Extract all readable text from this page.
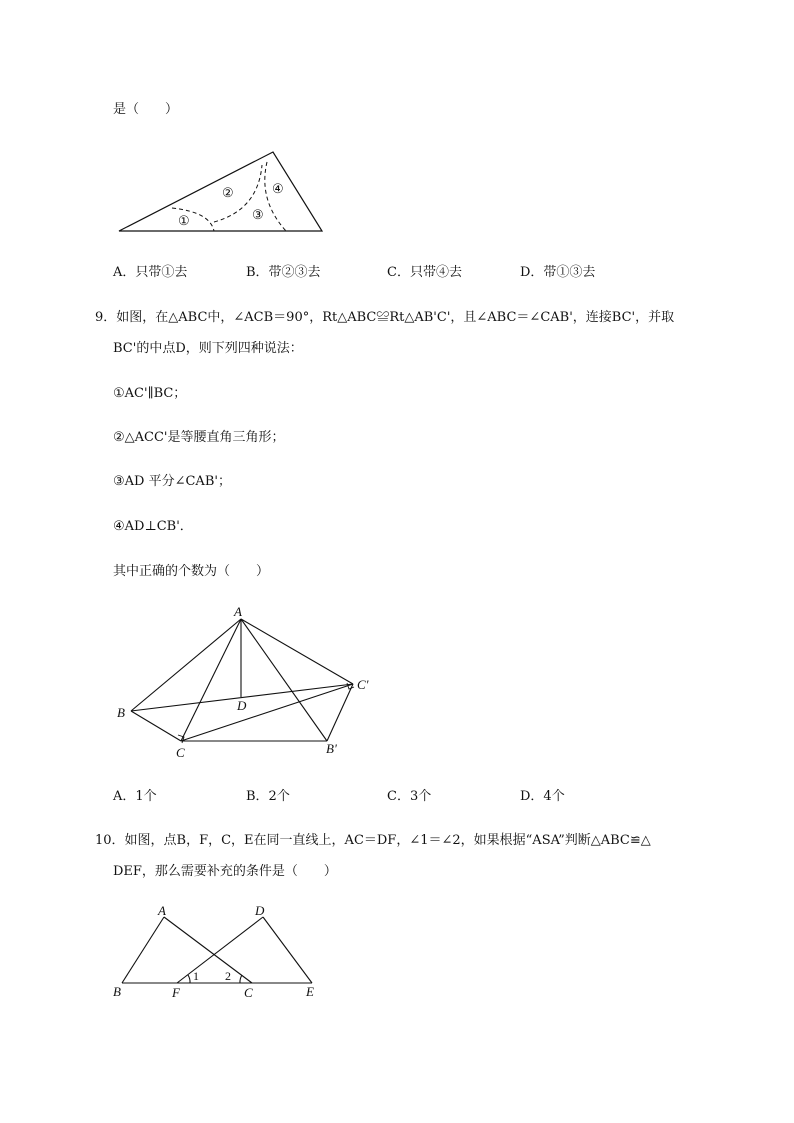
是（　　）
①
②
③
④
A．只带①去	B．带②③去	C．只带④去	D．带①③去
9．如图，在△ABC中，∠ACB＝90°，Rt△ABC≌Rt△AB'C'，且∠ABC＝∠CAB'，连接BC'，并取
BC'的中点D，则下列四种说法：
①AC'∥BC；
②△ACC'是等腰直角三角形；
③AD 平分∠CAB'；
④AD⊥CB'．
其中正确的个数为（　　）
A
B
C
D
C'
B'
A．1个	B．2个	C．3个	D．4个
10．如图，点B，F，C，E在同一直线上，AC＝DF，∠1＝∠2，如果根据“ASA”判断△ABC≌△
DEF，那么需要补充的条件是（　　）
A
B	F	C	E
D
1 2
